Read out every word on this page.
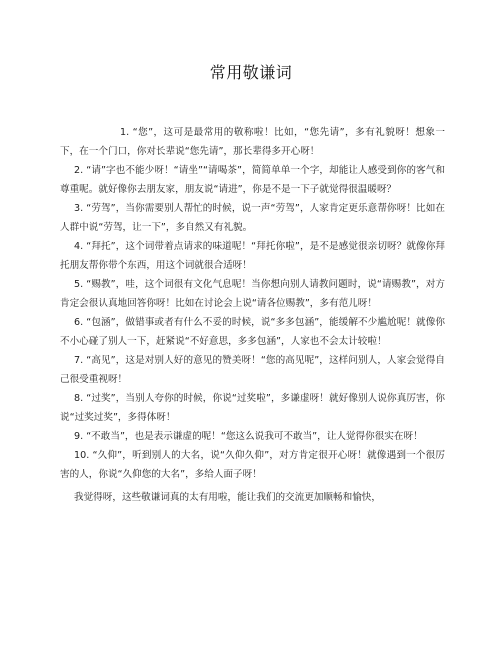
常用敬谦词

1. “您”，这可是最常用的敬称啦！比如，“您先请”，多有礼貌呀！想象一下，在一个门口，你对长辈说“您先请”，那长辈得多开心呀！

2. “请”字也不能少呀！“请坐”“请喝茶”，简简单单一个字，却能让人感受到你的客气和尊重呢。就好像你去朋友家，朋友说“请进”，你是不是一下子就觉得很温暖呀？

3. “劳驾”，当你需要别人帮忙的时候，说一声“劳驾”，人家肯定更乐意帮你呀！比如在人群中说“劳驾，让一下”，多自然又有礼貌。

4. “拜托”，这个词带着点请求的味道呢！“拜托你啦”，是不是感觉很亲切呀？就像你拜托朋友帮你带个东西，用这个词就很合适呀！

5. “赐教”，哇，这个词很有文化气息呢！当你想向别人请教问题时，说“请赐教”，对方肯定会很认真地回答你呀！比如在讨论会上说“请各位赐教”，多有范儿呀！

6. “包涵”，做错事或者有什么不妥的时候，说“多多包涵”，能缓解不少尴尬呢！就像你不小心碰了别人一下，赶紧说“不好意思，多多包涵”，人家也不会太计较啦！

7. “高见”，这是对别人好的意见的赞美呀！“您的高见呢”，这样问别人，人家会觉得自己很受重视呀！

8. “过奖”，当别人夸你的时候，你说“过奖啦”，多谦虚呀！就好像别人说你真厉害，你说“过奖过奖”，多得体呀！

9. “不敢当”，也是表示谦虚的呢！“您这么说我可不敢当”，让人觉得你很实在呀！

10. “久仰”，听到别人的大名，说“久仰久仰”，对方肯定很开心呀！就像遇到一个很厉害的人，你说“久仰您的大名”，多给人面子呀！

我觉得呀，这些敬谦词真的太有用啦，能让我们的交流更加顺畅和愉快，
